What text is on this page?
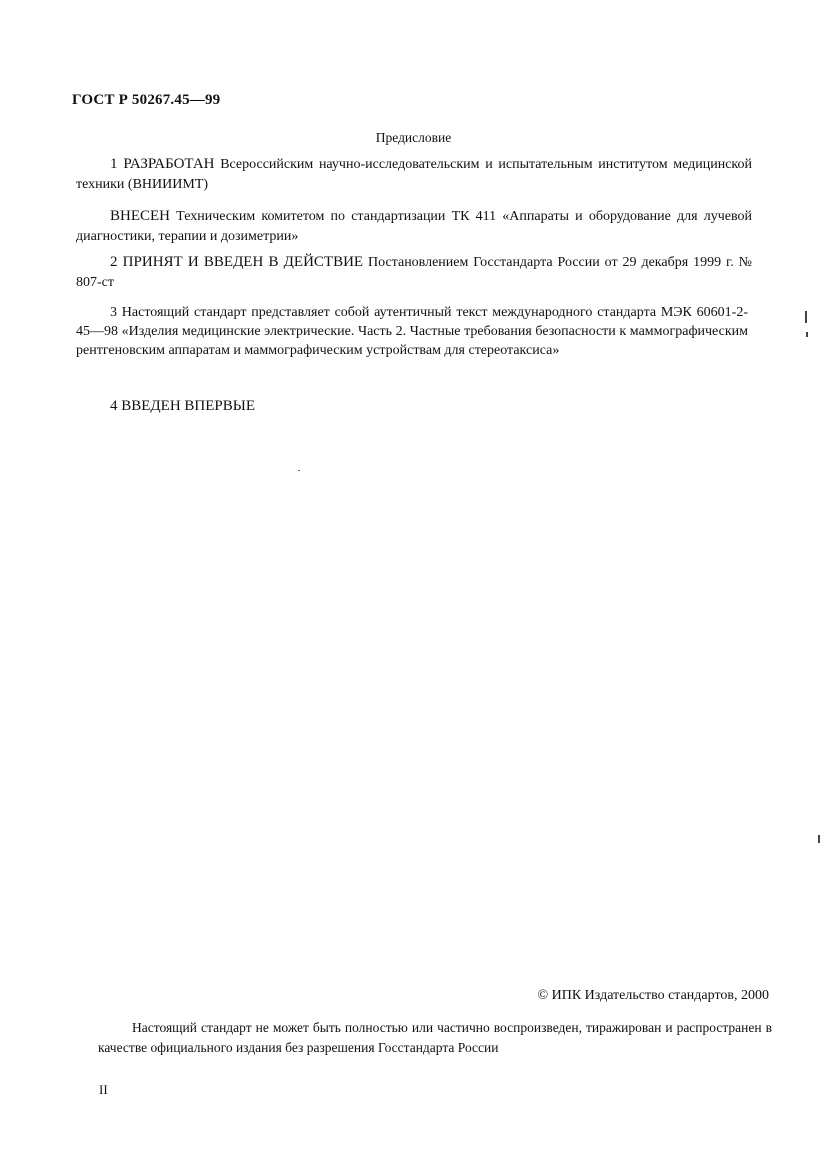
ГОСТ Р 50267.45—99
Предисловие
1 РАЗРАБОТАН Всероссийским научно-исследовательским и испытательным институтом медицинской техники (ВНИИИМТ)
ВНЕСЕН Техническим комитетом по стандартизации ТК 411 «Аппараты и оборудование для лучевой диагностики, терапии и дозиметрии»
2 ПРИНЯТ И ВВЕДЕН В ДЕЙСТВИЕ Постановлением Госстандарта России от 29 декабря 1999 г. № 807-ст
3 Настоящий стандарт представляет собой аутентичный текст международного стандарта МЭК 60601-2-45—98 «Изделия медицинские электрические. Часть 2. Частные требования безопасности к маммографическим рентгеновским аппаратам и маммографическим устройствам для стереотаксиса»
4 ВВЕДЕН ВПЕРВЫЕ
© ИПК Издательство стандартов, 2000
Настоящий стандарт не может быть полностью или частично воспроизведен, тиражирован и распространен в качестве официального издания без разрешения Госстандарта России
II
